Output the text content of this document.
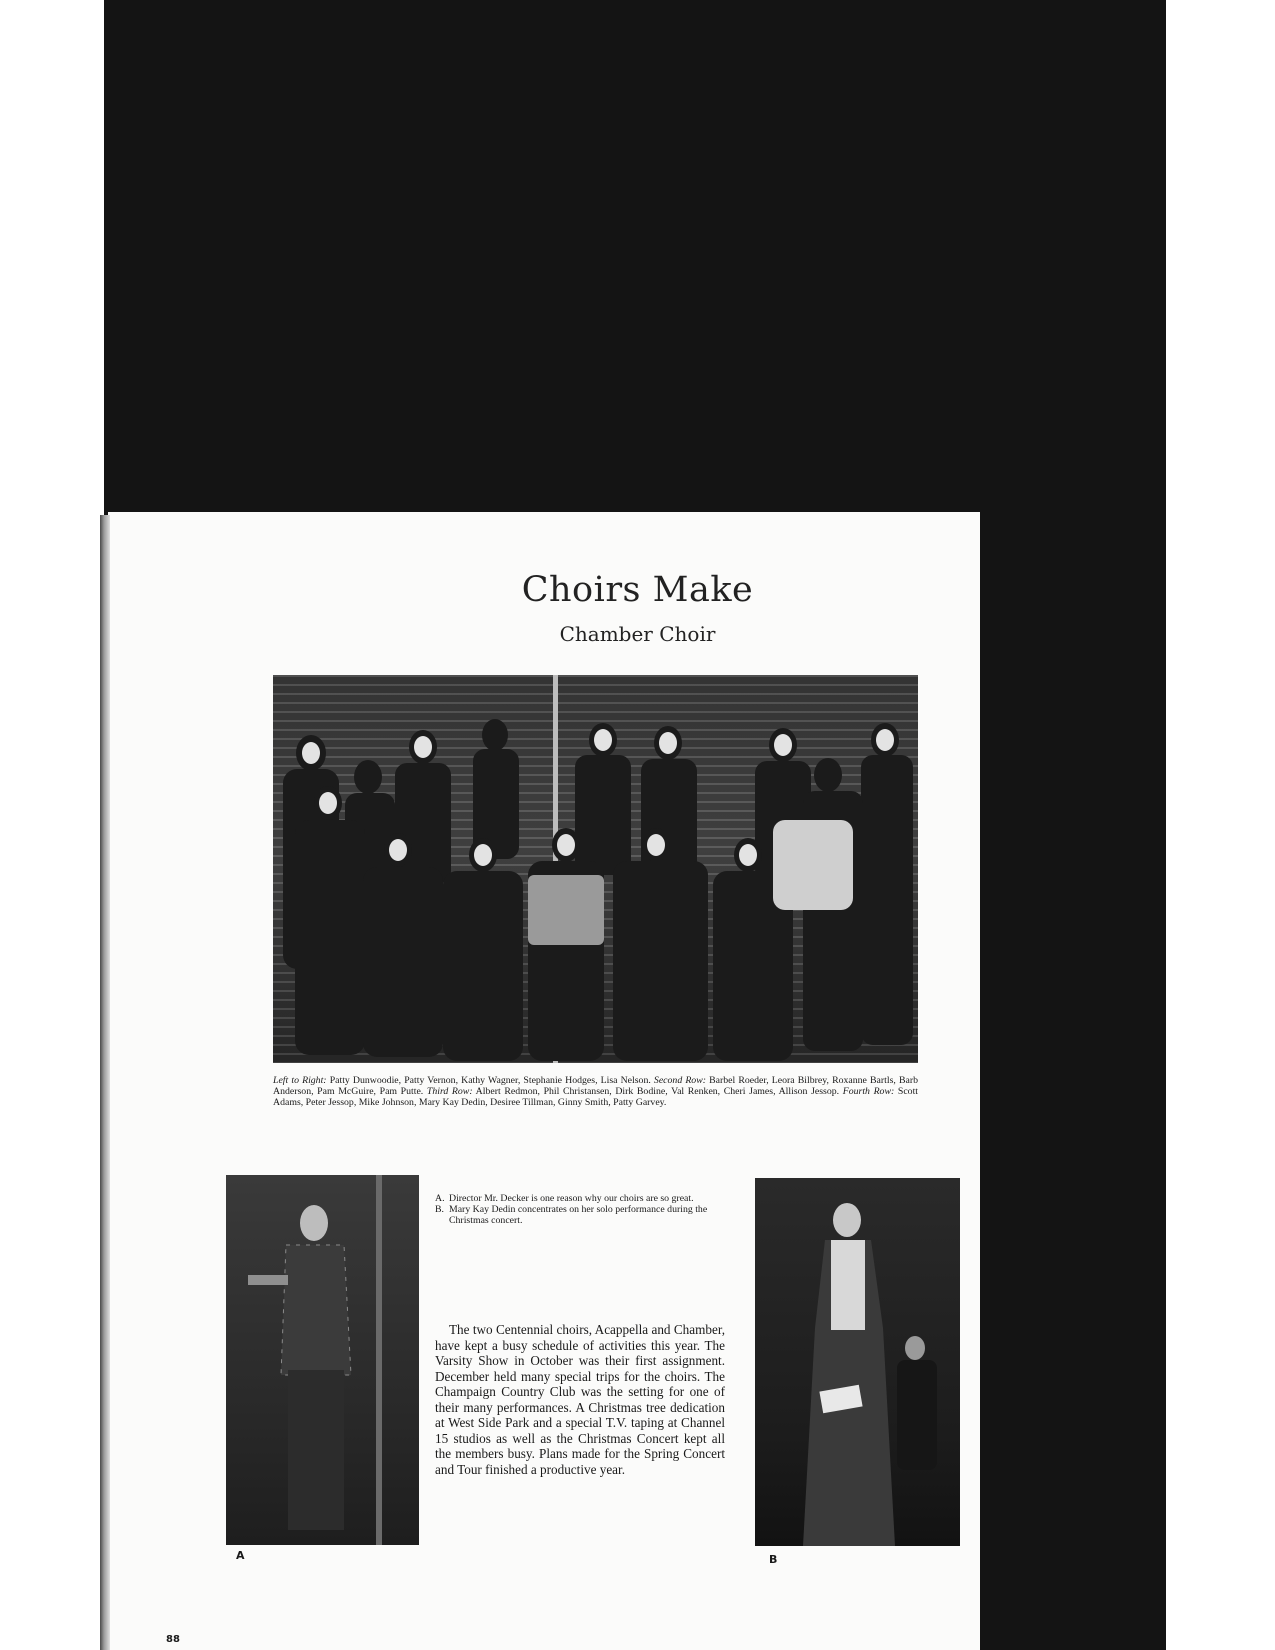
Choirs Make
Chamber Choir
Left to Right: Patty Dunwoodie, Patty Vernon, Kathy Wagner, Stephanie Hodges, Lisa Nelson. Second Row: Barbel Roeder, Leora Bilbrey, Roxanne Bartls, Barb Anderson, Pam McGuire, Pam Putte. Third Row: Albert Redmon, Phil Christansen, Dirk Bodine, Val Renken, Cheri James, Allison Jessop. Fourth Row: Scott Adams, Peter Jessop, Mike Johnson, Mary Kay Dedin, Desiree Tillman, Ginny Smith, Patty Garvey.
A
A. Director Mr. Decker is one reason why our choirs are so great.
B. Mary Kay Dedin concentrates on her solo performance during the Christmas concert.
The two Centennial choirs, Acappella and Chamber, have kept a busy schedule of activities this year. The Varsity Show in October was their first assignment. December held many special trips for the choirs. The Champaign Country Club was the setting for one of their many performances. A Christmas tree dedication at West Side Park and a special T.V. taping at Channel 15 studios as well as the Christmas Concert kept all the members busy. Plans made for the Spring Concert and Tour finished a productive year.
B
88
